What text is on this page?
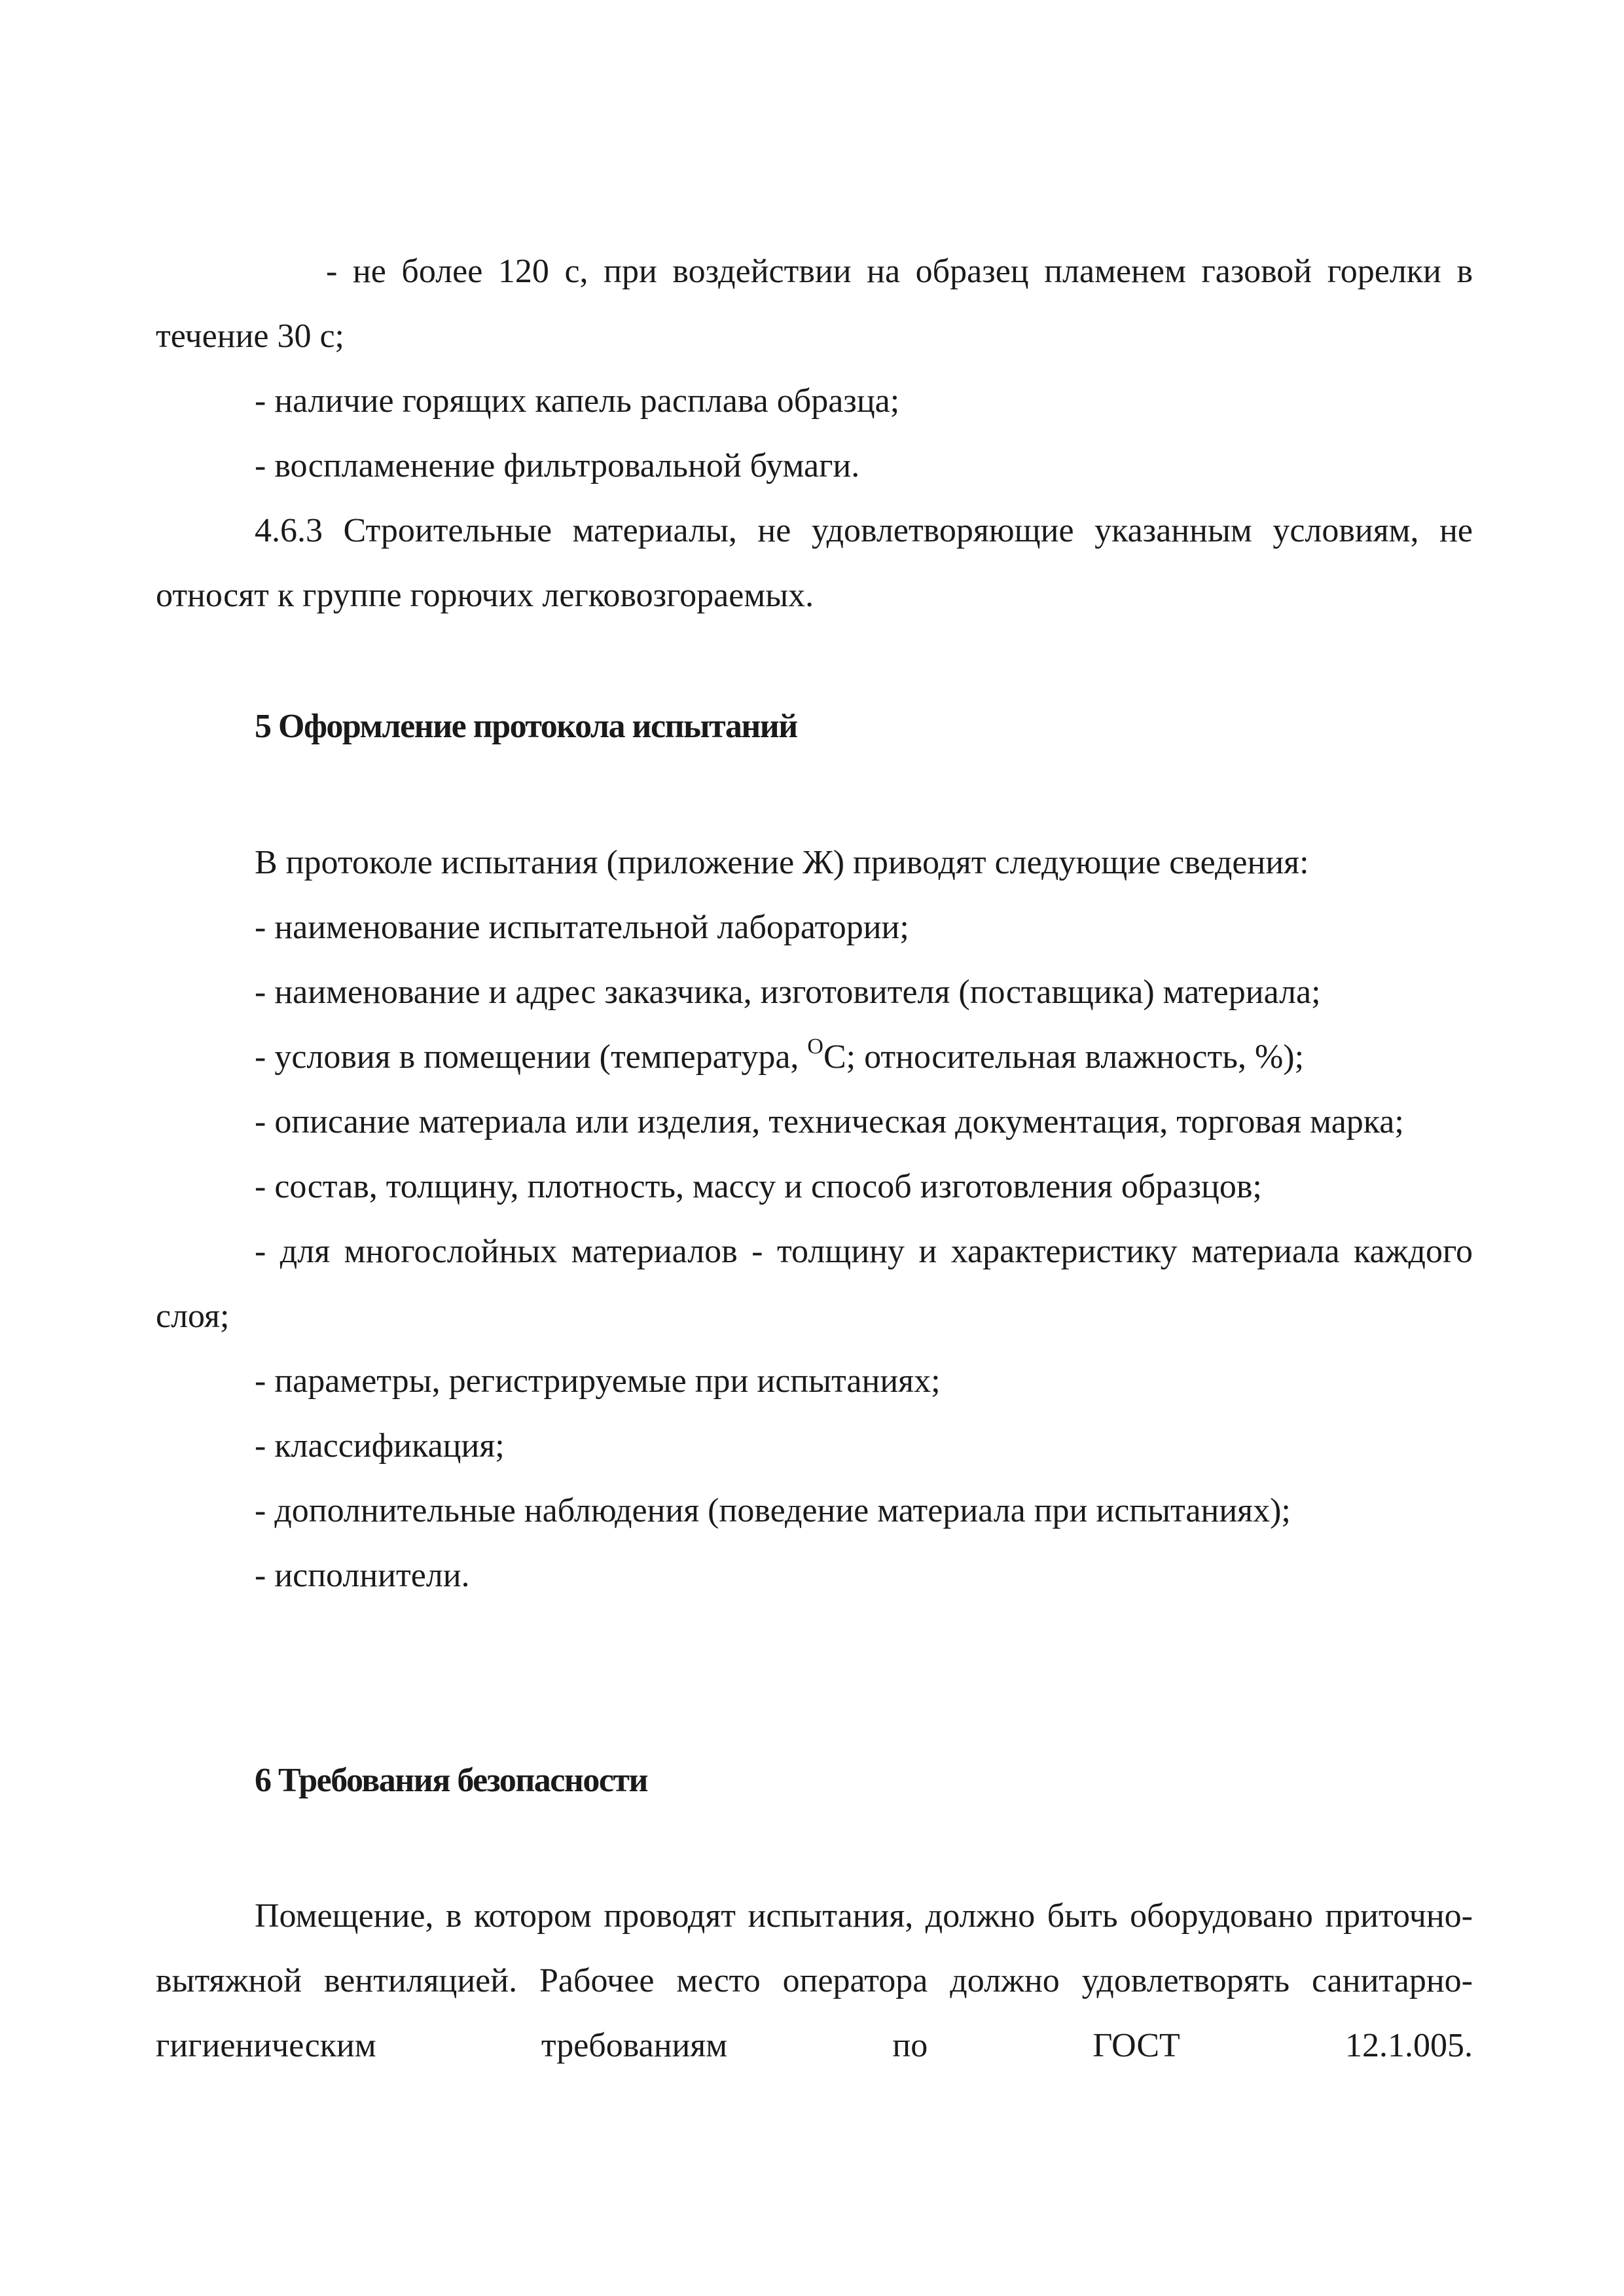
- не более 120 с, при воздействии на образец пламенем газовой горелки в течение 30 с;

- наличие горящих капель расплава образца;

- воспламенение фильтровальной бумаги.

4.6.3 Строительные материалы, не удовлетворяющие указанным условиям, не относят к группе горючих легковозгораемых.

5 Оформление протокола испытаний

В протоколе испытания (приложение Ж) приводят следующие сведения:

- наименование испытательной лаборатории;

- наименование и адрес заказчика, изготовителя (поставщика) материала;

- условия в помещении (температура, $^О$С; относительная влажность, %);

- описание материала или изделия, техническая документация, торговая марка;

- состав, толщину, плотность, массу и способ изготовления образцов;

- для многослойных материалов - толщину и характеристику материала каждого слоя;

- параметры, регистрируемые при испытаниях;

- классификация;

- дополнительные наблюдения (поведение материала при испытаниях);

- исполнители.

6 Требования безопасности

Помещение, в котором проводят испытания, должно быть оборудовано приточно-вытяжной вентиляцией. Рабочее место оператора должно удовлетворять санитарно-гигиеническим требованиям по ГОСТ 12.1.005.
